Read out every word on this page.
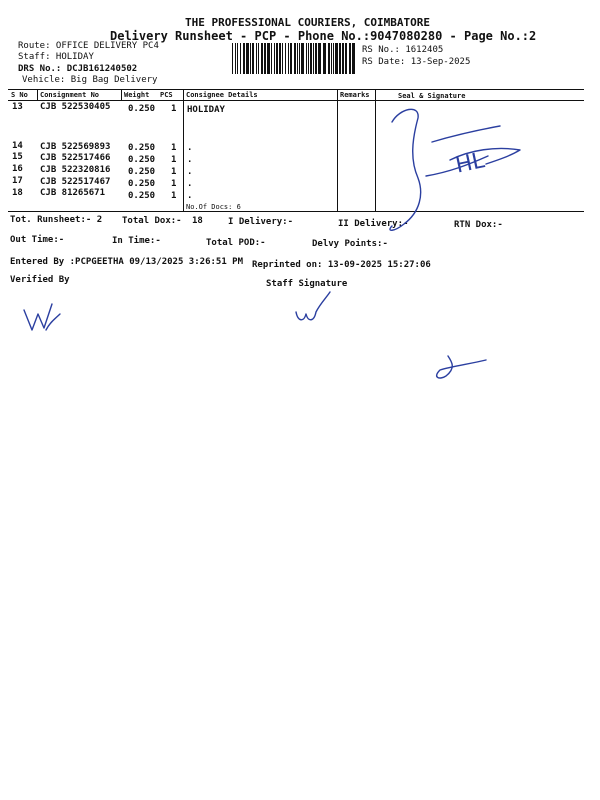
THE PROFESSIONAL COURIERS, COIMBATORE
Delivery Runsheet - PCP - Phone No.:9047080280 - Page No.:2
Route: OFFICE DELIVERY PC4
Staff: HOLIDAY
DRS No.: DCJB161240502
Vehicle: Big Bag Delivery
RS No.: 1612405
RS Date: 13-Sep-2025
S No Consignment No	Weight PCS Consignee Details	Remarks	Seal & Signature
13 CJB 522530405 0.250 1 HOLIDAY
14 CJB 522569893 0.250 1 .
15 CJB 522517466 0.250 1 .
16 CJB 522320816 0.250 1 .
17 CJB 522517467 0.250 1 .
18 CJB 81265671	0.250 1 .
No.Of Docs: 6
Tot. Runsheet:- 2 Total Dox:- 18	I Delivery:-	II Delivery:-	RTN Dox:-
Out Time:-	In Time:-	Total POD:-	Delvy Points:-
Entered By :PCPGEETHA 09/13/2025 3:26:51 PM Reprinted on: 13-09-2025 15:27:06
Verified By	Staff Signature
HL
